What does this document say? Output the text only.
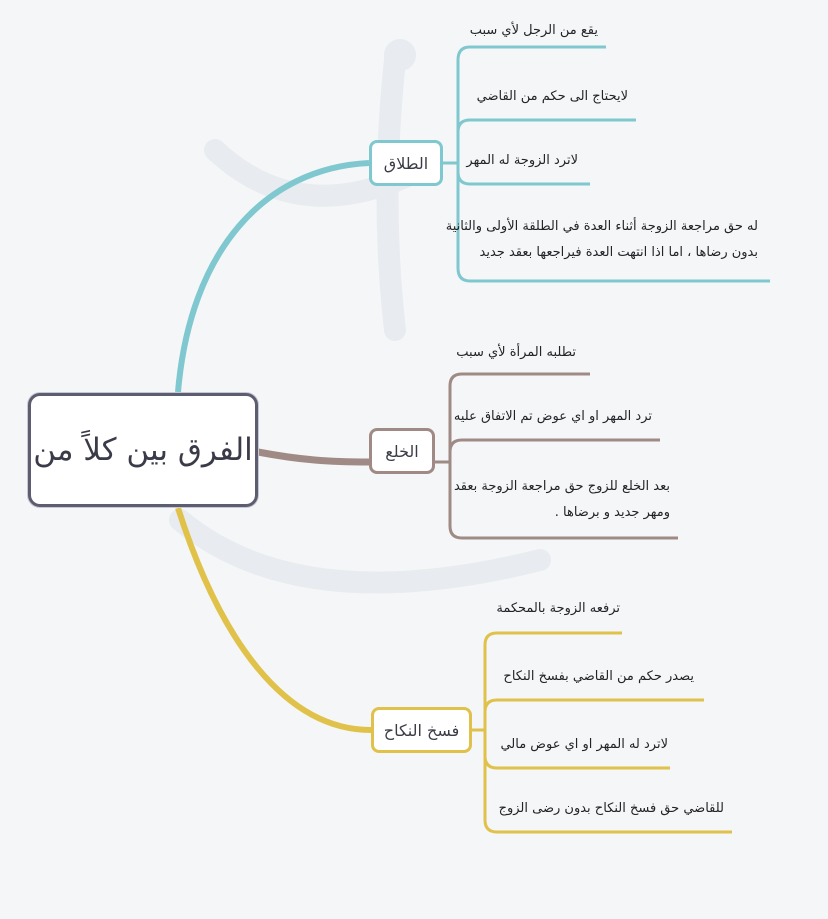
الفرق بين كلاً من
الطلاق
الخلع
فسخ النكاح
يقع من الرجل لأي سبب
لايحتاج الى حكم من القاضي
لاترد الزوجة له المهر
له حق مراجعة الزوجة أثناء العدة في الطلقة الأولى والثانية
بدون رضاها ، اما اذا انتهت العدة فيراجعها بعقد جديد
تطلبه المرأة لأي سبب
ترد المهر او اي عوض تم الاتفاق عليه
بعد الخلع للزوج حق مراجعة الزوجة بعقد
ومهر جديد و برضاها .
ترفعه الزوجة بالمحكمة
يصدر حكم من القاضي بفسخ النكاح
لاترد له المهر او اي عوض مالي
للقاضي حق فسخ النكاح بدون رضى الزوج
